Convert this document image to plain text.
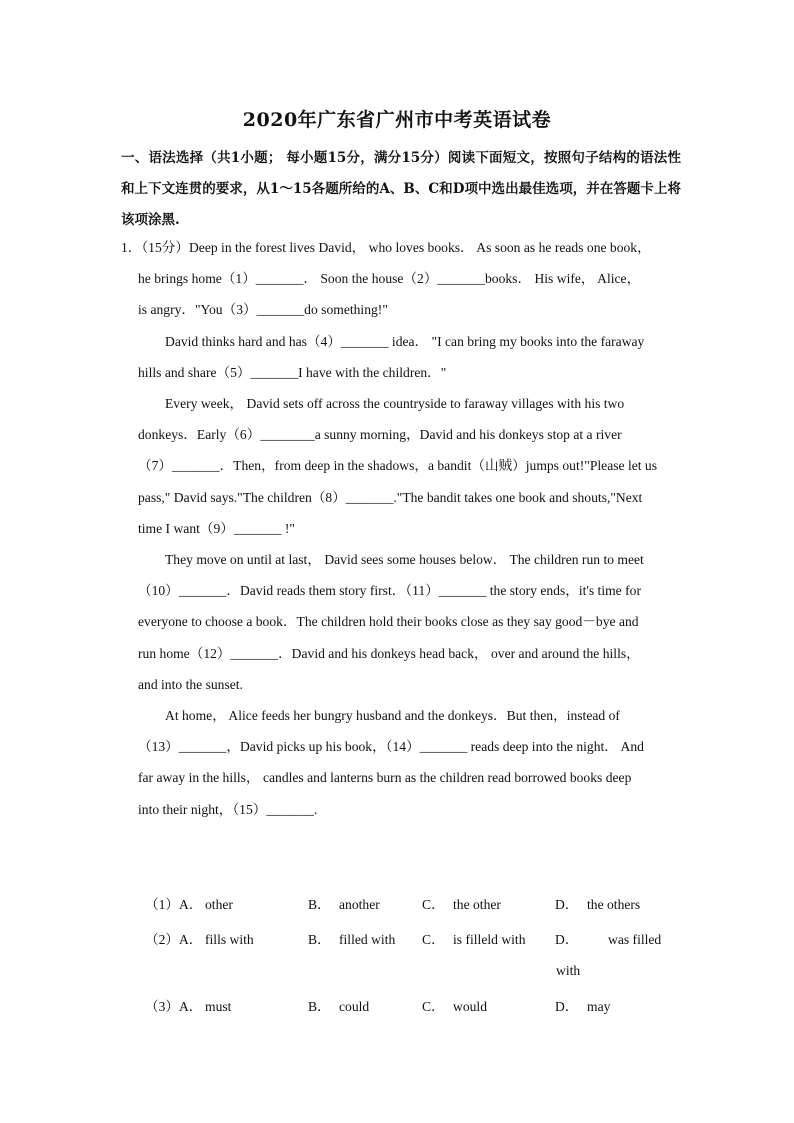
2020年广东省广州市中考英语试卷
一、语法选择（共1小题； 每小题15分，满分15分）阅读下面短文，按照句子结构的语法性和上下文连贯的要求，从1～15各题所给的A、B、C和D项中选出最佳选项，并在答题卡上将该项涂黑.
1．（15分）Deep in the forest lives David， who loves books． As soon as he reads one book，
he brings home（1）_______． Soon the house（2）_______books． His wife， Alice，
is angry．"You（3）_______do something!"
David thinks hard and has（4）_______ idea． "I can bring my books into the faraway
hills and share（5）_______I have with the children．"
Every week， David sets off across the countryside to faraway villages with his two
donkeys．Early（6）________a sunny morning，David and his donkeys stop at a river
（7）_______．Then，from deep in the shadows，a bandit（山贼）jumps out!"Please let us
pass," David says."The children（8）_______."The bandit takes one book and shouts,"Next
time I want（9）_______ !"
They move on until at last， David sees some houses below． The children run to meet
（10）_______．David reads them story first．（11）_______ the story ends，it's time for
everyone to choose a book．The children hold their books close as they say good－bye and
run home（12）_______．David and his donkeys head back， over and around the hills，
and into the sunset.
At home， Alice feeds her bungry husband and the donkeys．But then，instead of
（13）_______，David picks up his book，（14）_______ reads deep into the night． And
far away in the hills， candles and lanterns burn as the children read borrowed books deep
into their night，（15）_______.
（1）A． other	B． another	C． the other	D． the others
（2）A． fills with	B． filled with C． is filleld with D． was filled
with
（3）A． must	B． could	C． would	D． may
